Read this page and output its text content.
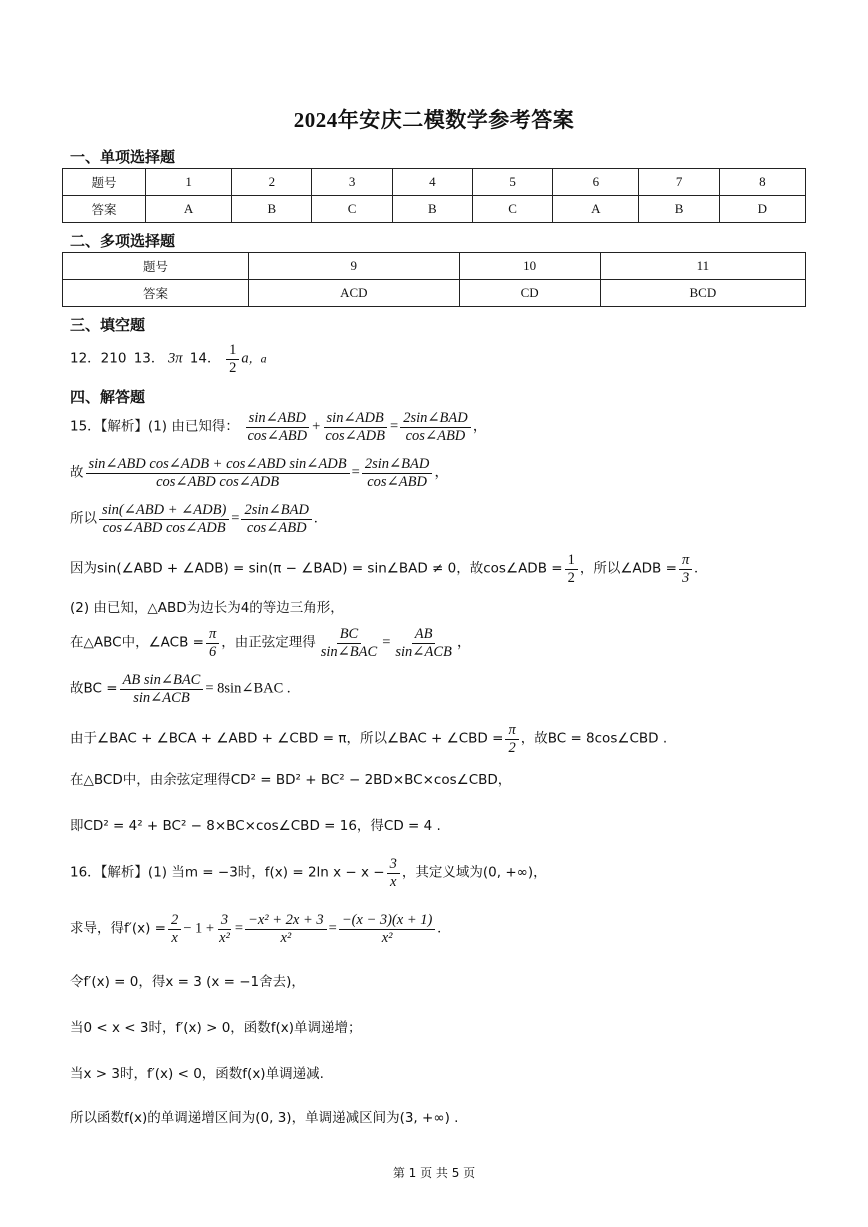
2024年安庆二模数学参考答案
一、单项选择题
题号	1	2	3	4	5	6	7	8
答案	A	B	C	B	C	A	B	D
二、多项选择题
题号	9	10	11
答案	ACD	CD	BCD
三、填空题
12．210 13． 3π 14． $\frac{1}{2}$ a，a
四、解答题
15．【解析】(1) 由已知得： $\frac{\text{sin∠ABD}}{\text{cos∠ABD}} + \frac{\text{sin∠ADB}}{\text{cos∠ADB}} = \frac{\text{2sin∠BAD}}{\text{cos∠ABD}}$ ，
故 $\frac{\text{sin∠ABD cos∠ADB + cos∠ABD sin∠ADB}}{\text{cos∠ABD cos∠ADB}} = \frac{\text{2sin∠BAD}}{\text{cos∠ABD}}$ ，
所以 $\frac{\text{sin(∠ABD + ∠ADB)}}{\text{cos∠ABD cos∠ADB}} = \frac{\text{2sin∠BAD}}{\text{cos∠ABD}}$ .
因为sin(∠ABD + ∠ADB) = sin(π − ∠BAD) = sin∠BAD ≠ 0，故cos∠ADB = $\frac{1}{2}$ ，所以∠ADB = $\frac{\pi}{3}$ .
(2) 由已知，△ABD为边长为4的等边三角形，
在△ABC中，∠ACB = $\frac{\pi}{6}$ ，由正弦定理得 $\frac{BC}{\text{sin∠BAC}} = \frac{AB}{\text{sin∠ACB}}$ ，
故BC = $\frac{\text{AB sin∠BAC}}{\text{sin∠ACB}}$ = 8sin∠BAC .
由于∠BAC + ∠BCA + ∠ABD + ∠CBD = π，所以∠BAC + ∠CBD = $\frac{\pi}{2}$ ，故BC = 8cos∠CBD .
在△BCD中，由余弦定理得CD² = BD² + BC² − 2BD×BC×cos∠CBD，
即CD² = 4² + BC² − 8×BC×cos∠CBD = 16，得CD = 4 .
16．【解析】(1) 当m = −3时，f(x) = 2ln $x - x - \frac{3}{x}$ ，其定义域为(0, +∞)，
求导，得$f'(x) = \frac{2}{x} - 1 + \frac{3}{\text{x²}} = \frac{\text{−x² + 2x + 3}}{\text{x²}} = \frac{-(x - 3)(x + 1)}{\text{x²}}$ .
令f′(x) = 0，得x = 3 (x = −1舍去)，
当0 < x < 3时，f′(x) > 0，函数f(x)单调递增；
当x > 3时，f′(x) < 0，函数f(x)单调递减.
所以函数f(x)的单调递增区间为(0, 3)，单调递减区间为(3, +∞) .
第 1 页 共 5 页
